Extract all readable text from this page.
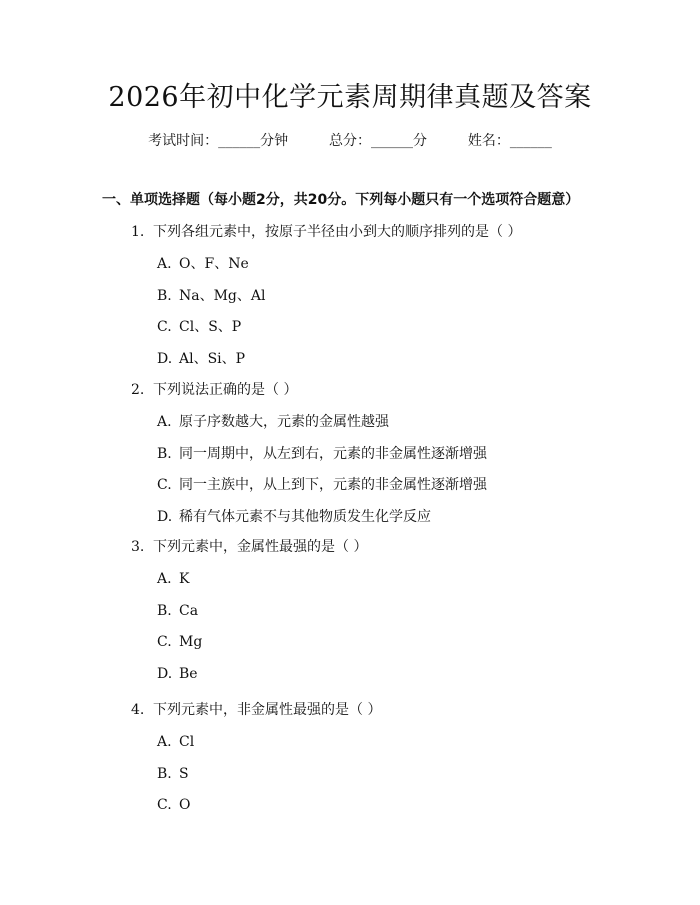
2026年初中化学元素周期律真题及答案
考试时间：______分钟	总分：______分	姓名：______
一、单项选择题（每小题2分，共20分。下列每小题只有一个选项符合题意）
1. 下列各组元素中，按原子半径由小到大的顺序排列的是（ ）
A. O、F、Ne
B. Na、Mg、Al
C. Cl、S、P
D. Al、Si、P
2. 下列说法正确的是（ ）
A. 原子序数越大，元素的金属性越强
B. 同一周期中，从左到右，元素的非金属性逐渐增强
C. 同一主族中，从上到下，元素的非金属性逐渐增强
D. 稀有气体元素不与其他物质发生化学反应
3. 下列元素中，金属性最强的是（ ）
A. K
B. Ca
C. Mg
D. Be
4. 下列元素中，非金属性最强的是（ ）
A. Cl
B. S
C. O
